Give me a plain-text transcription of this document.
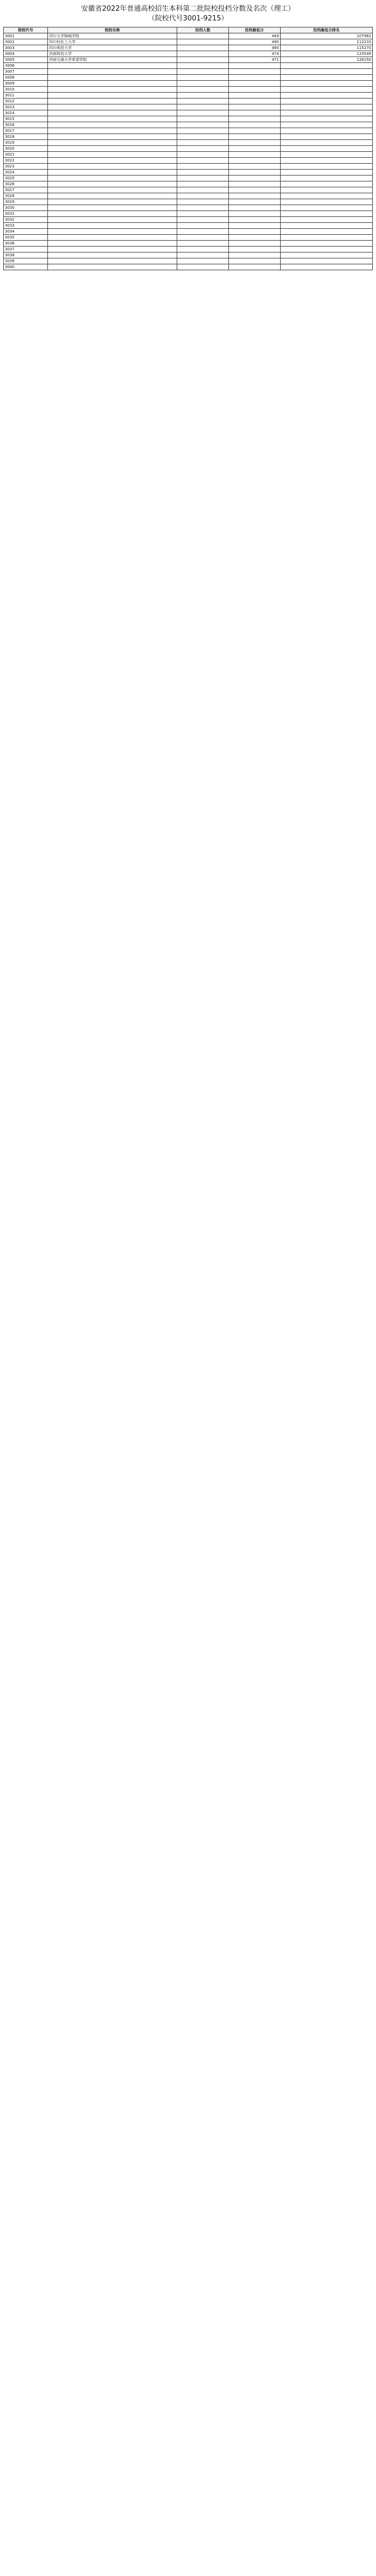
安徽省2022年普通高校招生本科第二批院校投档分数及名次（理工）
（院校代号3001-9215）
院校代号	院校名称	投档人数	投档最低分	投档最低分排名
3001	四川大学锦城学院		449	107962
3002	四川轻化工大学		490	112233
3003	四川师范大学		480	115270
3004	西南科技大学		474	123549
3005	西南交通大学希望学院		471	126150
3006				
3007				
3008				
3009				
3010				
3011				
3012				
3013				
3014				
3015				
3016				
3017				
3018				
3019				
3020				
3021				
3022				
3023				
3024				
3025				
3026				
3027				
3028				
3029				
3030				
3031				
3032				
3033				
3034				
3035				
3036				
3037				
3038				
3039				
3040				
